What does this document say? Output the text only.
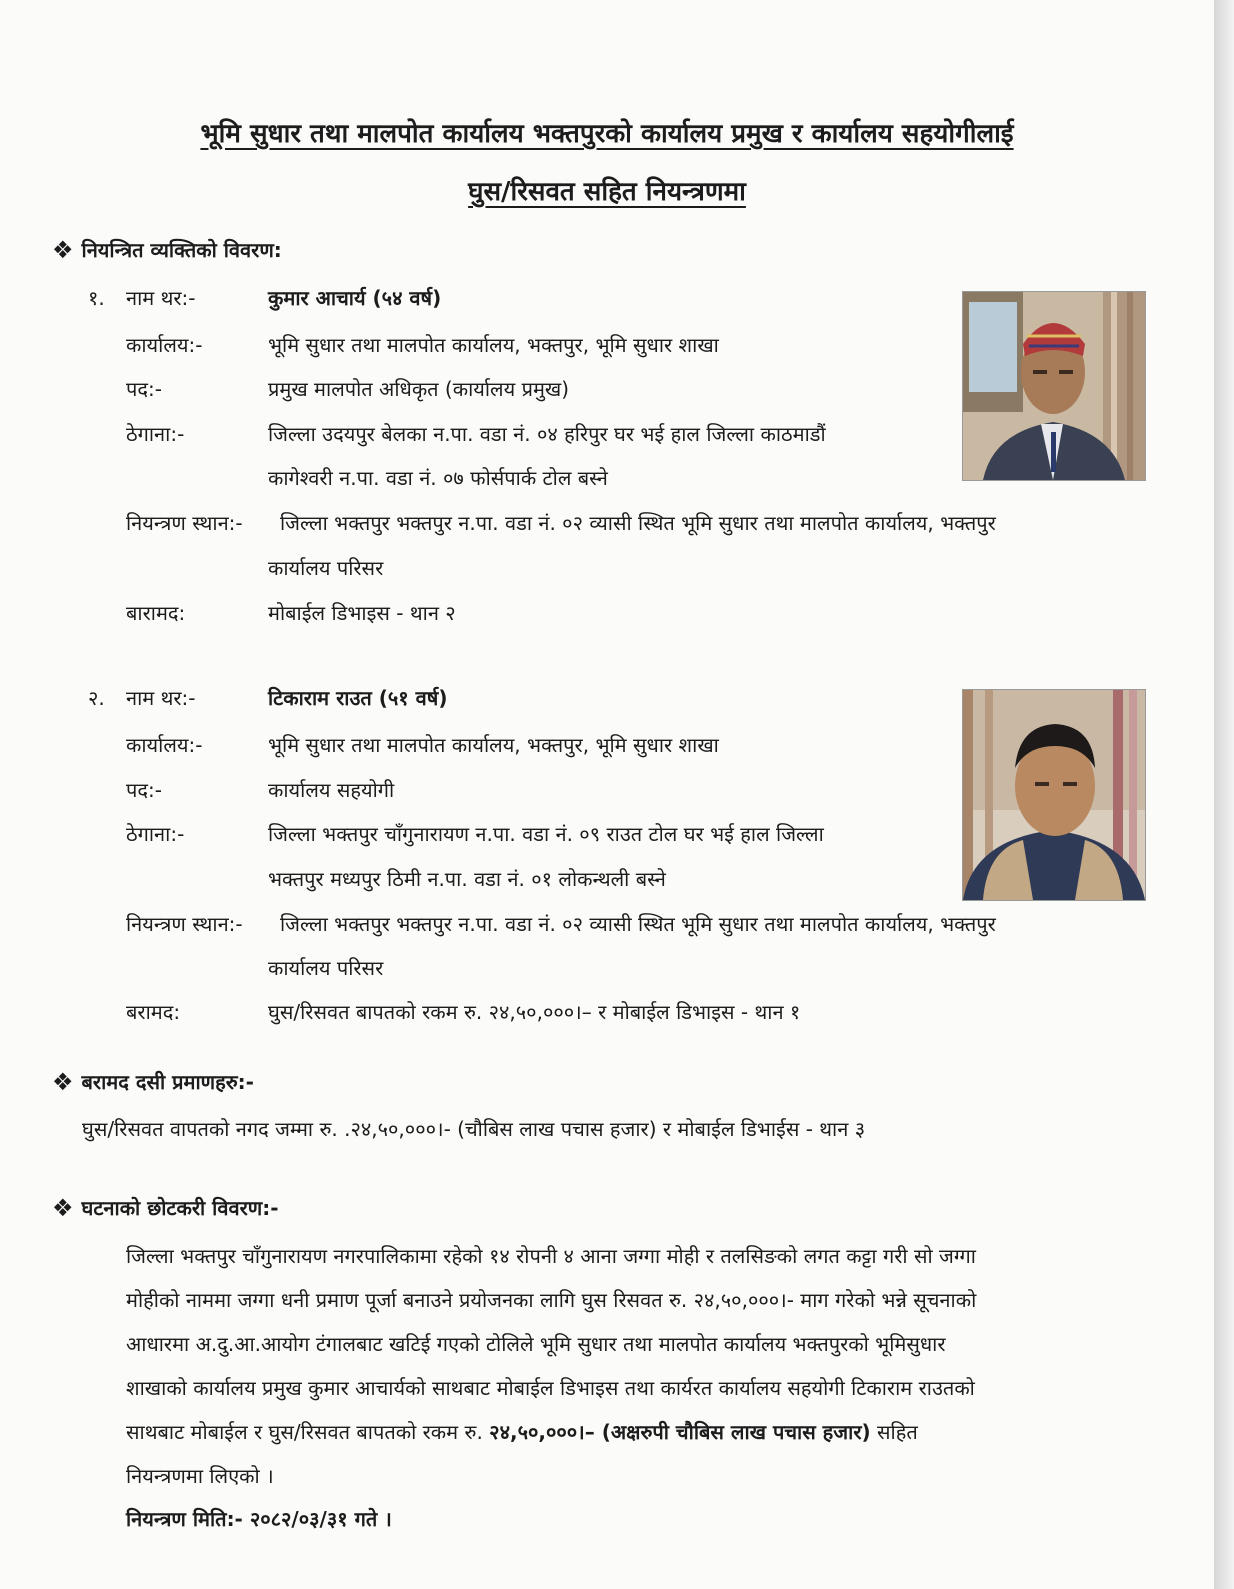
भूमि सुधार तथा मालपोत कार्यालय भक्तपुरको कार्यालय प्रमुख र कार्यालय सहयोगीलाई
घुस/रिसवत सहित नियन्त्रणमा
❖ नियन्त्रित व्यक्तिको विवरण:
१. नाम थर:-	कुमार आचार्य (५४ वर्ष)
कार्यालय:-	भूमि सुधार तथा मालपोत कार्यालय, भक्तपुर, भूमि सुधार शाखा
पद:-	प्रमुख मालपोत अधिकृत (कार्यालय प्रमुख)
ठेगाना:-	जिल्ला उदयपुर बेलका न.पा. वडा नं. ०४ हरिपुर घर भई हाल जिल्ला काठमाडौं
कागेश्वरी न.पा. वडा नं. ०७ फोर्सपार्क टोल बस्ने
नियन्त्रण स्थान:- जिल्ला भक्तपुर भक्तपुर न.पा. वडा नं. ०२ व्यासी स्थित भूमि सुधार तथा मालपोत कार्यालय, भक्तपुर
कार्यालय परिसर
बारामद:	मोबाईल डिभाइस - थान २
२. नाम थर:-	टिकाराम राउत (५१ वर्ष)
कार्यालय:-	भूमि सुधार तथा मालपोत कार्यालय, भक्तपुर, भूमि सुधार शाखा
पद:-	कार्यालय सहयोगी
ठेगाना:-	जिल्ला भक्तपुर चाँगुनारायण न.पा. वडा नं. ०९ राउत टोल घर भई हाल जिल्ला
भक्तपुर मध्यपुर ठिमी न.पा. वडा नं. ०१ लोकन्थली बस्ने
नियन्त्रण स्थान:- जिल्ला भक्तपुर भक्तपुर न.पा. वडा नं. ०२ व्यासी स्थित भूमि सुधार तथा मालपोत कार्यालय, भक्तपुर
कार्यालय परिसर
बरामद:	घुस/रिसवत बापतको रकम रु. २४,५०,०००।– र मोबाईल डिभाइस - थान १
❖ बरामद दसी प्रमाणहरु:-
घुस/रिसवत वापतको नगद जम्मा रु. .२४,५०,०००।- (चौबिस लाख पचास हजार) र मोबाईल डिभाईस - थान ३
❖ घटनाको छोटकरी विवरण:-
जिल्ला भक्तपुर चाँगुनारायण नगरपालिकामा रहेको १४ रोपनी ४ आना जग्गा मोही र तलसिङको लगत कट्टा गरी सो जग्गा
मोहीको नाममा जग्गा धनी प्रमाण पूर्जा बनाउने प्रयोजनका लागि घुस रिसवत रु. २४,५०,०००।- माग गरेको भन्ने सूचनाको
आधारमा अ.दु.आ.आयोग टंगालबाट खटिई गएको टोलिले भूमि सुधार तथा मालपोत कार्यालय भक्तपुरको भूमिसुधार
शाखाको कार्यालय प्रमुख कुमार आचार्यको साथबाट मोबाईल डिभाइस तथा कार्यरत कार्यालय सहयोगी टिकाराम राउतको
साथबाट मोबाईल र घुस/रिसवत बापतको रकम रु. २४,५०,०००।– (अक्षरुपी चौबिस लाख पचास हजार) सहित
नियन्त्रणमा लिएको ।
नियन्त्रण मिति:- २०८२/०३/३१ गते ।
